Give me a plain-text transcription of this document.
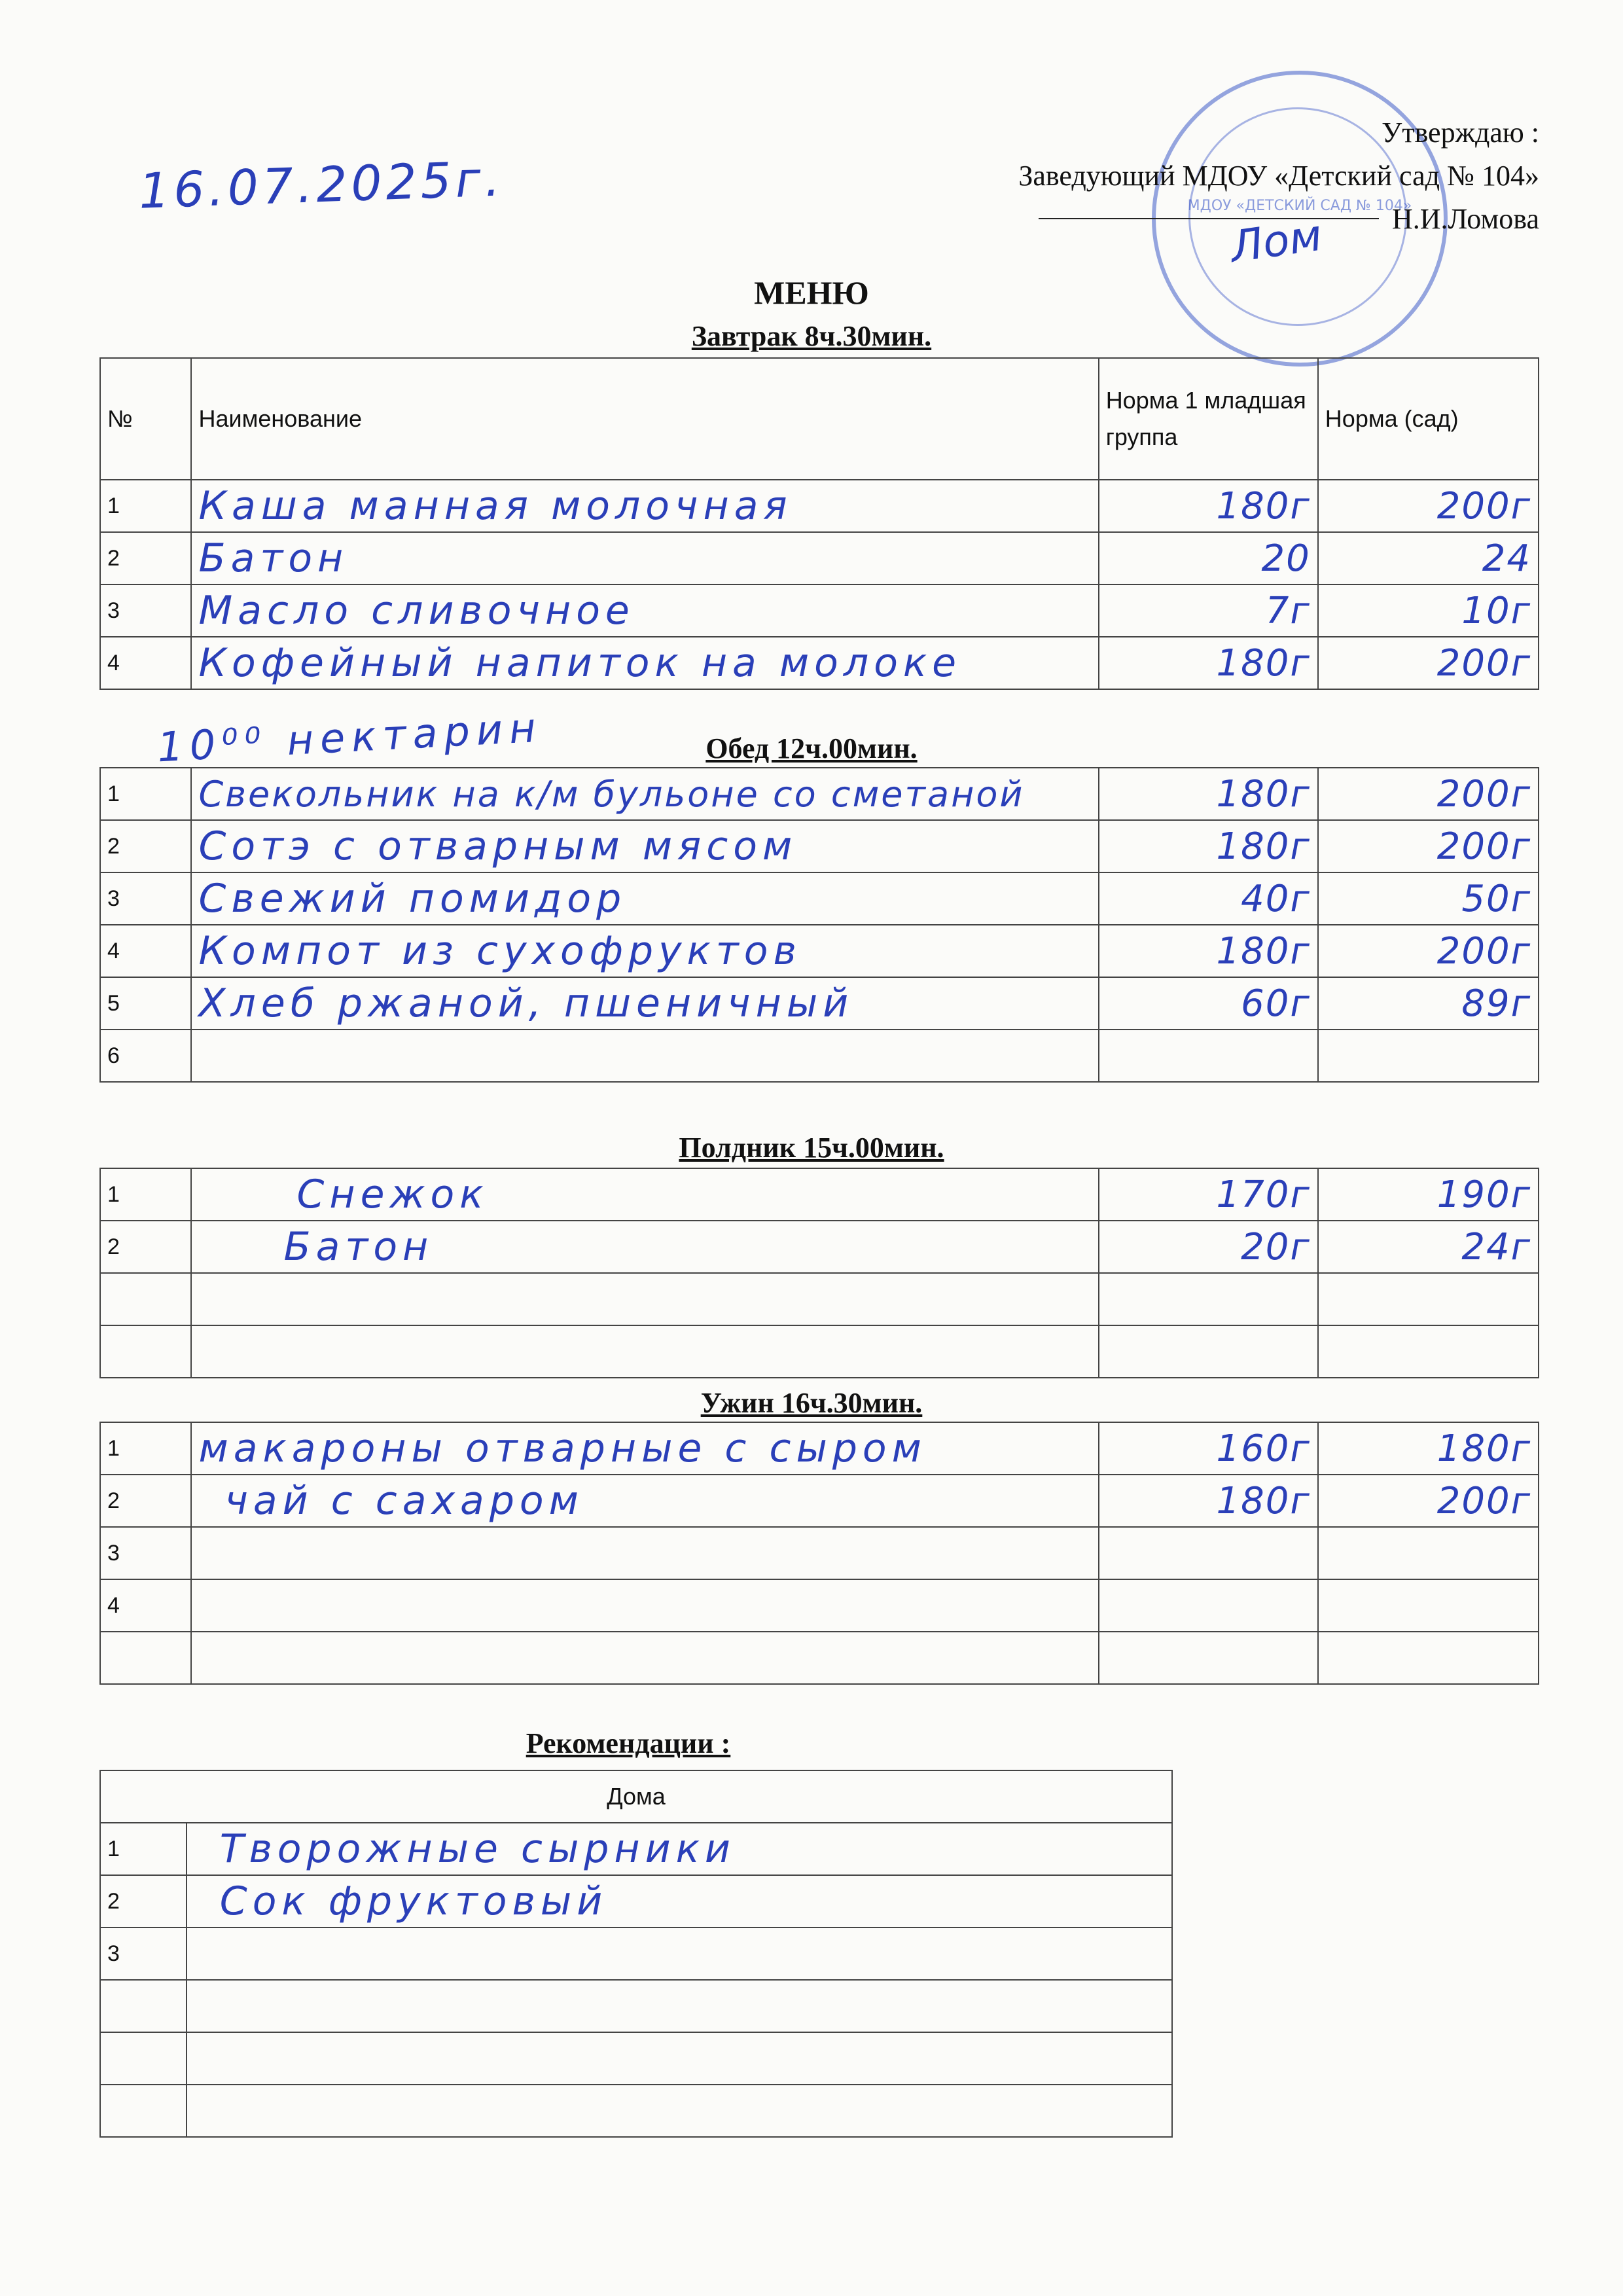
МДОУ «ДЕТСКИЙ САД № 104»
Утверждаю :
Заведующий МДОУ «Детский сад № 104»
Н.И.Ломова
Лом
16.07.2025г.
МЕНЮ
Завтрак 8ч.30мин.
№	Наименование	Норма 1 младшая группа	Норма (сад)
1	Каша манная молочная	180г	200г

2	Батон	20	24

3	Масло сливочное	7г	10г

4	Кофейный напиток на молоке	180г	200г
10⁰⁰ нектарин	Обед 12ч.00мин.
1	Свекольник на к/м бульоне со сметаной	180г	200г

2	Сотэ с отварным мясом	180г	200г

3	Свежий помидор	40г	50г

4	Компот из сухофруктов	180г	200г

5	Хлеб ржаной, пшеничный	60г	89г

6		

Полдник 15ч.00мин.
1	Снежок	170г	190г

2	Батон	20г	24г

Ужин 16ч.30мин.
1	макароны отварные с сыром	160г	180г

2	чай с сахаром	180г	200г

3			
4			

Рекомендации :
Дома	
1	Творожные сырники
2	Сок фруктовый
3	
